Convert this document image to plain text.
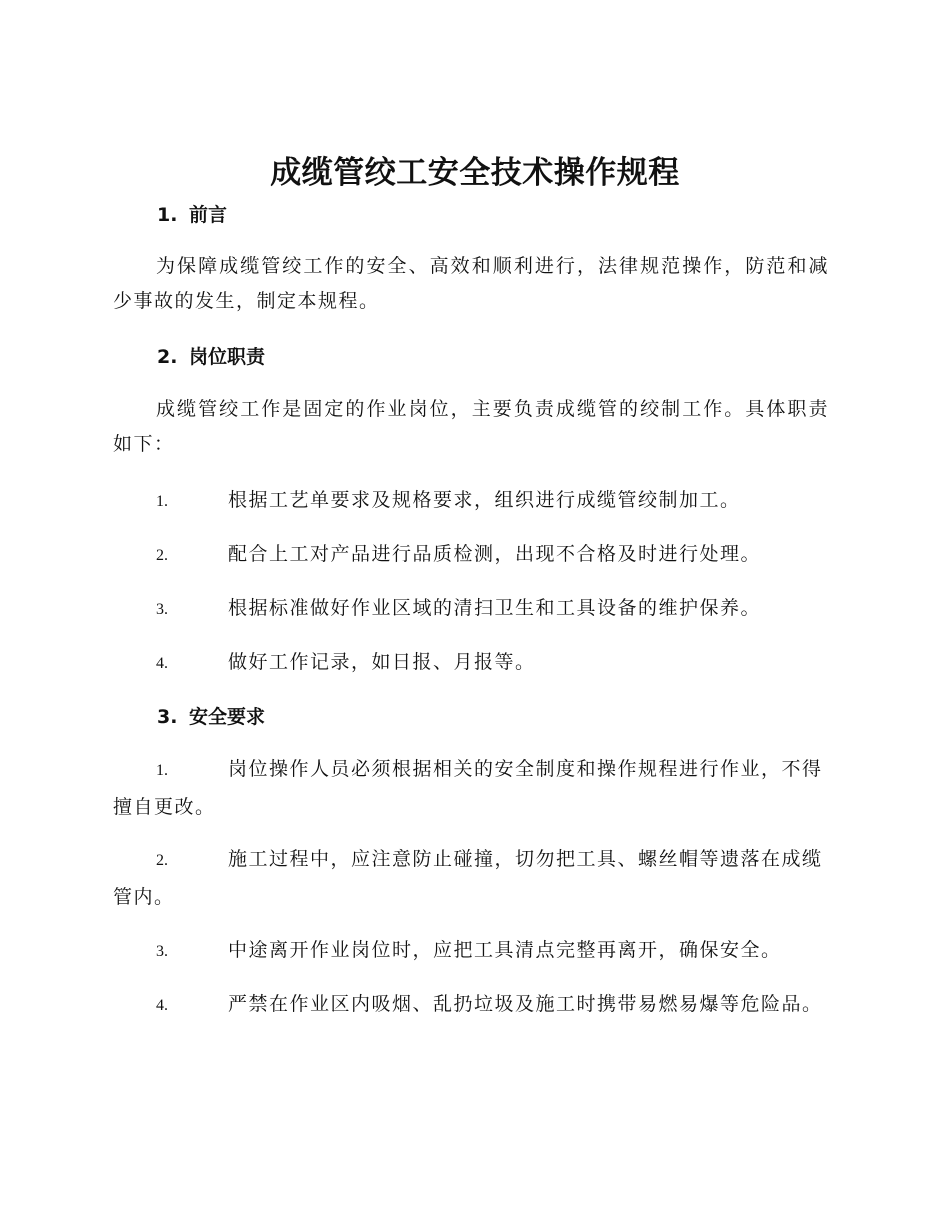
成缆管绞工安全技术操作规程
1. 前言
为保障成缆管绞工作的安全、高效和顺利进行，法律规范操作，防范和减少事故的发生，制定本规程。
2. 岗位职责
成缆管绞工作是固定的作业岗位，主要负责成缆管的绞制工作。具体职责如下：
1.	根据工艺单要求及规格要求，组织进行成缆管绞制加工。
2.	配合上工对产品进行品质检测，出现不合格及时进行处理。
3.	根据标准做好作业区域的清扫卫生和工具设备的维护保养。
4.	做好工作记录，如日报、月报等。
3. 安全要求
1.	岗位操作人员必须根据相关的安全制度和操作规程进行作业，不得擅自更改。
2.	施工过程中，应注意防止碰撞，切勿把工具、螺丝帽等遗落在成缆管内。
3.	中途离开作业岗位时，应把工具清点完整再离开，确保安全。
4.	严禁在作业区内吸烟、乱扔垃圾及施工时携带易燃易爆等危险品。
